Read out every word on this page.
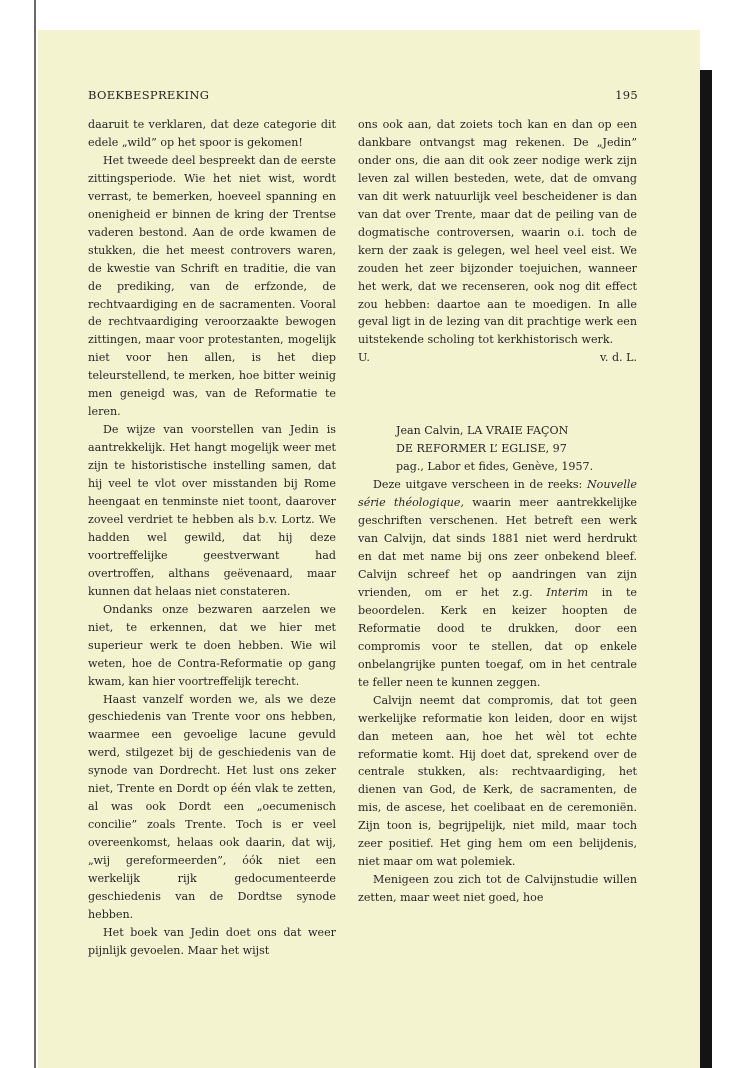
BOEKBESPREKING	195

daaruit te verklaren, dat deze categorie dit edele „wild” op het spoor is gekomen!

Het tweede deel bespreekt dan de eerste zittingsperiode. Wie het niet wist, wordt verrast, te bemerken, hoeveel spanning en onenigheid er binnen de kring der Trentse vaderen bestond. Aan de orde kwamen de stukken, die het meest controvers waren, de kwestie van Schrift en traditie, die van de prediking, van de erfzonde, de rechtvaardiging en de sacramenten. Vooral de rechtvaardiging veroorzaakte bewogen zittingen, maar voor protestanten, mogelijk niet voor hen allen, is het diep teleurstellend, te merken, hoe bitter weinig men geneigd was, van de Reformatie te leren.

De wijze van voorstellen van Jedin is aantrekkelijk. Het hangt mogelijk weer met zijn te historistische instelling samen, dat hij veel te vlot over misstanden bij Rome heengaat en tenminste niet toont, daarover zoveel verdriet te hebben als b.v. Lortz. We hadden wel gewild, dat hij deze voortreffelijke geestverwant had overtroffen, althans geëvenaard, maar kunnen dat helaas niet constateren.

Ondanks onze bezwaren aarzelen we niet, te erkennen, dat we hier met superieur werk te doen hebben. Wie wil weten, hoe de Contra-Reformatie op gang kwam, kan hier voortreffelijk terecht.

Haast vanzelf worden we, als we deze geschiedenis van Trente voor ons hebben, waarmee een gevoelige lacune gevuld werd, stilgezet bij de geschiedenis van de synode van Dordrecht. Het lust ons zeker niet, Trente en Dordt op één vlak te zetten, al was ook Dordt een „oecumenisch concilie” zoals Trente. Toch is er veel overeenkomst, helaas ook daarin, dat wij, „wij gereformeerden”, óók niet een werkelijk rijk gedocumenteerde geschiedenis van de Dordtse synode hebben.

Het boek van Jedin doet ons dat weer pijnlijk gevoelen. Maar het wijst

ons ook aan, dat zoiets toch kan en dan op een dankbare ontvangst mag rekenen. De „Jedin” onder ons, die aan dit ook zeer nodige werk zijn leven zal willen besteden, wete, dat de omvang van dit werk natuurlijk veel bescheidener is dan van dat over Trente, maar dat de peiling van de dogmatische controversen, waarin o.i. toch de kern der zaak is gelegen, wel heel veel eist. We zouden het zeer bijzonder toejuichen, wanneer het werk, dat we recenseren, ook nog dit effect zou hebben: daartoe aan te moedigen. In alle geval ligt in de lezing van dit prachtige werk een uitstekende scholing tot kerkhistorisch werk.

U.	v. d. L.
Jean Calvin, LA VRAIE FAÇON
DE REFORMER L’ EGLISE, 97
pag., Labor et fides, Genève, 1957.

Deze uitgave verscheen in de reeks: Nouvelle série théologique, waarin meer aantrekkelijke geschriften verschenen. Het betreft een werk van Calvijn, dat sinds 1881 niet werd herdrukt en dat met name bij ons zeer onbekend bleef. Calvijn schreef het op aandringen van zijn vrienden, om er het z.g. Interim in te beoordelen. Kerk en keizer hoopten de Reformatie dood te drukken, door een compromis voor te stellen, dat op enkele onbelangrijke punten toegaf, om in het centrale te feller neen te kunnen zeggen.

Calvijn neemt dat compromis, dat tot geen werkelijke reformatie kon leiden, door en wijst dan meteen aan, hoe het wèl tot echte reformatie komt. Hij doet dat, sprekend over de centrale stukken, als: rechtvaardiging, het dienen van God, de Kerk, de sacramenten, de mis, de ascese, het coelibaat en de ceremoniën. Zijn toon is, begrijpelijk, niet mild, maar toch zeer positief. Het ging hem om een belijdenis, niet maar om wat polemiek.

Menigeen zou zich tot de Calvijnstudie willen zetten, maar weet niet goed, hoe
